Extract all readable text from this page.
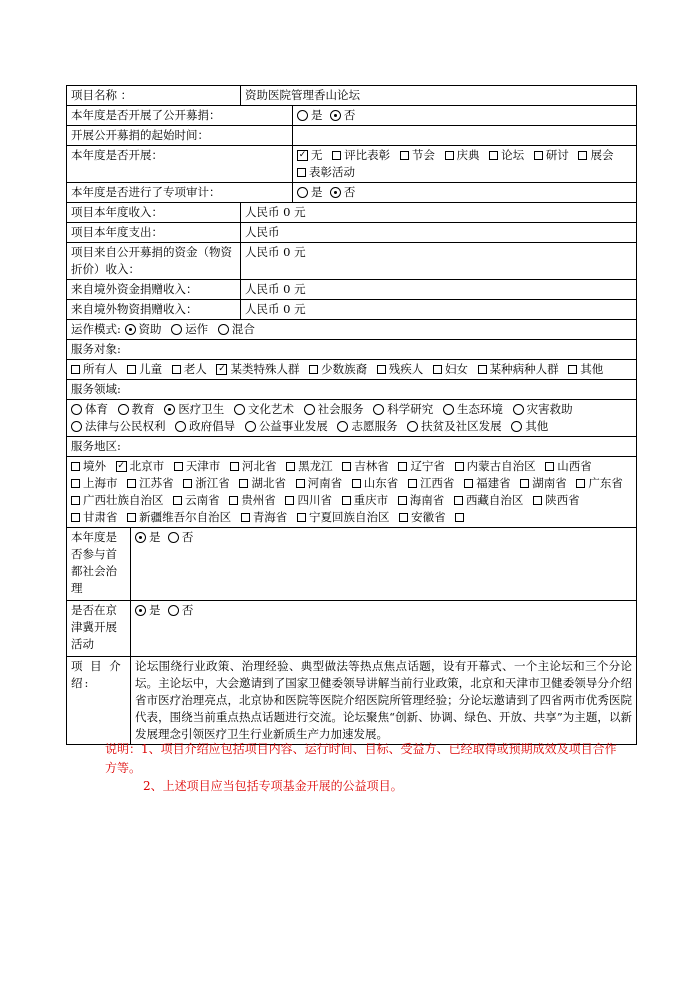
项目名称 ：		资助医院管理香山论坛	
本年度是否开展了公开募捐：			是 否
开展公开募捐的起始时间：			
本年度是否开展：			✓ 无 评比表彰 节会 庆典 论坛 研讨 展会 表彰活动
本年度是否进行了专项审计：			是 否
项目本年度收入：		人民币 0 元	
项目本年度支出：		人民币	
项目来自公开募捐的资金（物资折价）收入：		人民币 0 元	
来自境外资金捐赠收入：		人民币 0 元	
来自境外物资捐赠收入：		人民币 0 元	
运作模式: 资助 运作 混合			
服务对象:			
所有人 儿童 老人 ✓ 某类特殊人群 少数族裔 残疾人 妇女 某种病种人群 其他			
服务领域:			
体育 教育 医疗卫生 文化艺术 社会服务 科学研究 生态环境 灾害救助 法律与公民权利 政府倡导 公益事业发展 志愿服务 扶贫及社区发展 其他			
服务地区:			
境外 ✓ 北京市 天津市 河北省 黑龙江 吉林省 辽宁省 内蒙古自治区 山西省 上海市 江苏省 浙江省 湖北省 河南省 山东省 江西省 福建省 湖南省 广东省 广西壮族自治区 云南省 贵州省 四川省 重庆市 海南省 西藏自治区 陕西省 甘肃省 新疆维吾尔自治区 青海省 宁夏回族自治区 安徽省			
本年度是否参与首都社会治理	是 否		
是否在京津冀开展活动	是 否		
项 目 介 绍:	论坛围绕行业政策、治理经验、典型做法等热点焦点话题，设有开幕式、一个主论坛和三个分论坛。主论坛中，大会邀请到了国家卫健委领导讲解当前行业政策，北京和天津市卫健委领导分介绍省市医疗治理亮点，北京协和医院等医院介绍医院所管理经验；分论坛邀请到了四省两市优秀医院代表，围绕当前重点热点话题进行交流。论坛聚焦“创新、协调、绿色、开放、共享”为主题，以新发展理念引领医疗卫生行业新质生产力加速发展。		
说明：1、项目介绍应包括项目内容、运行时间、目标、受益方、已经取得或预期成效及项目合作方等。
2、上述项目应当包括专项基金开展的公益项目。
